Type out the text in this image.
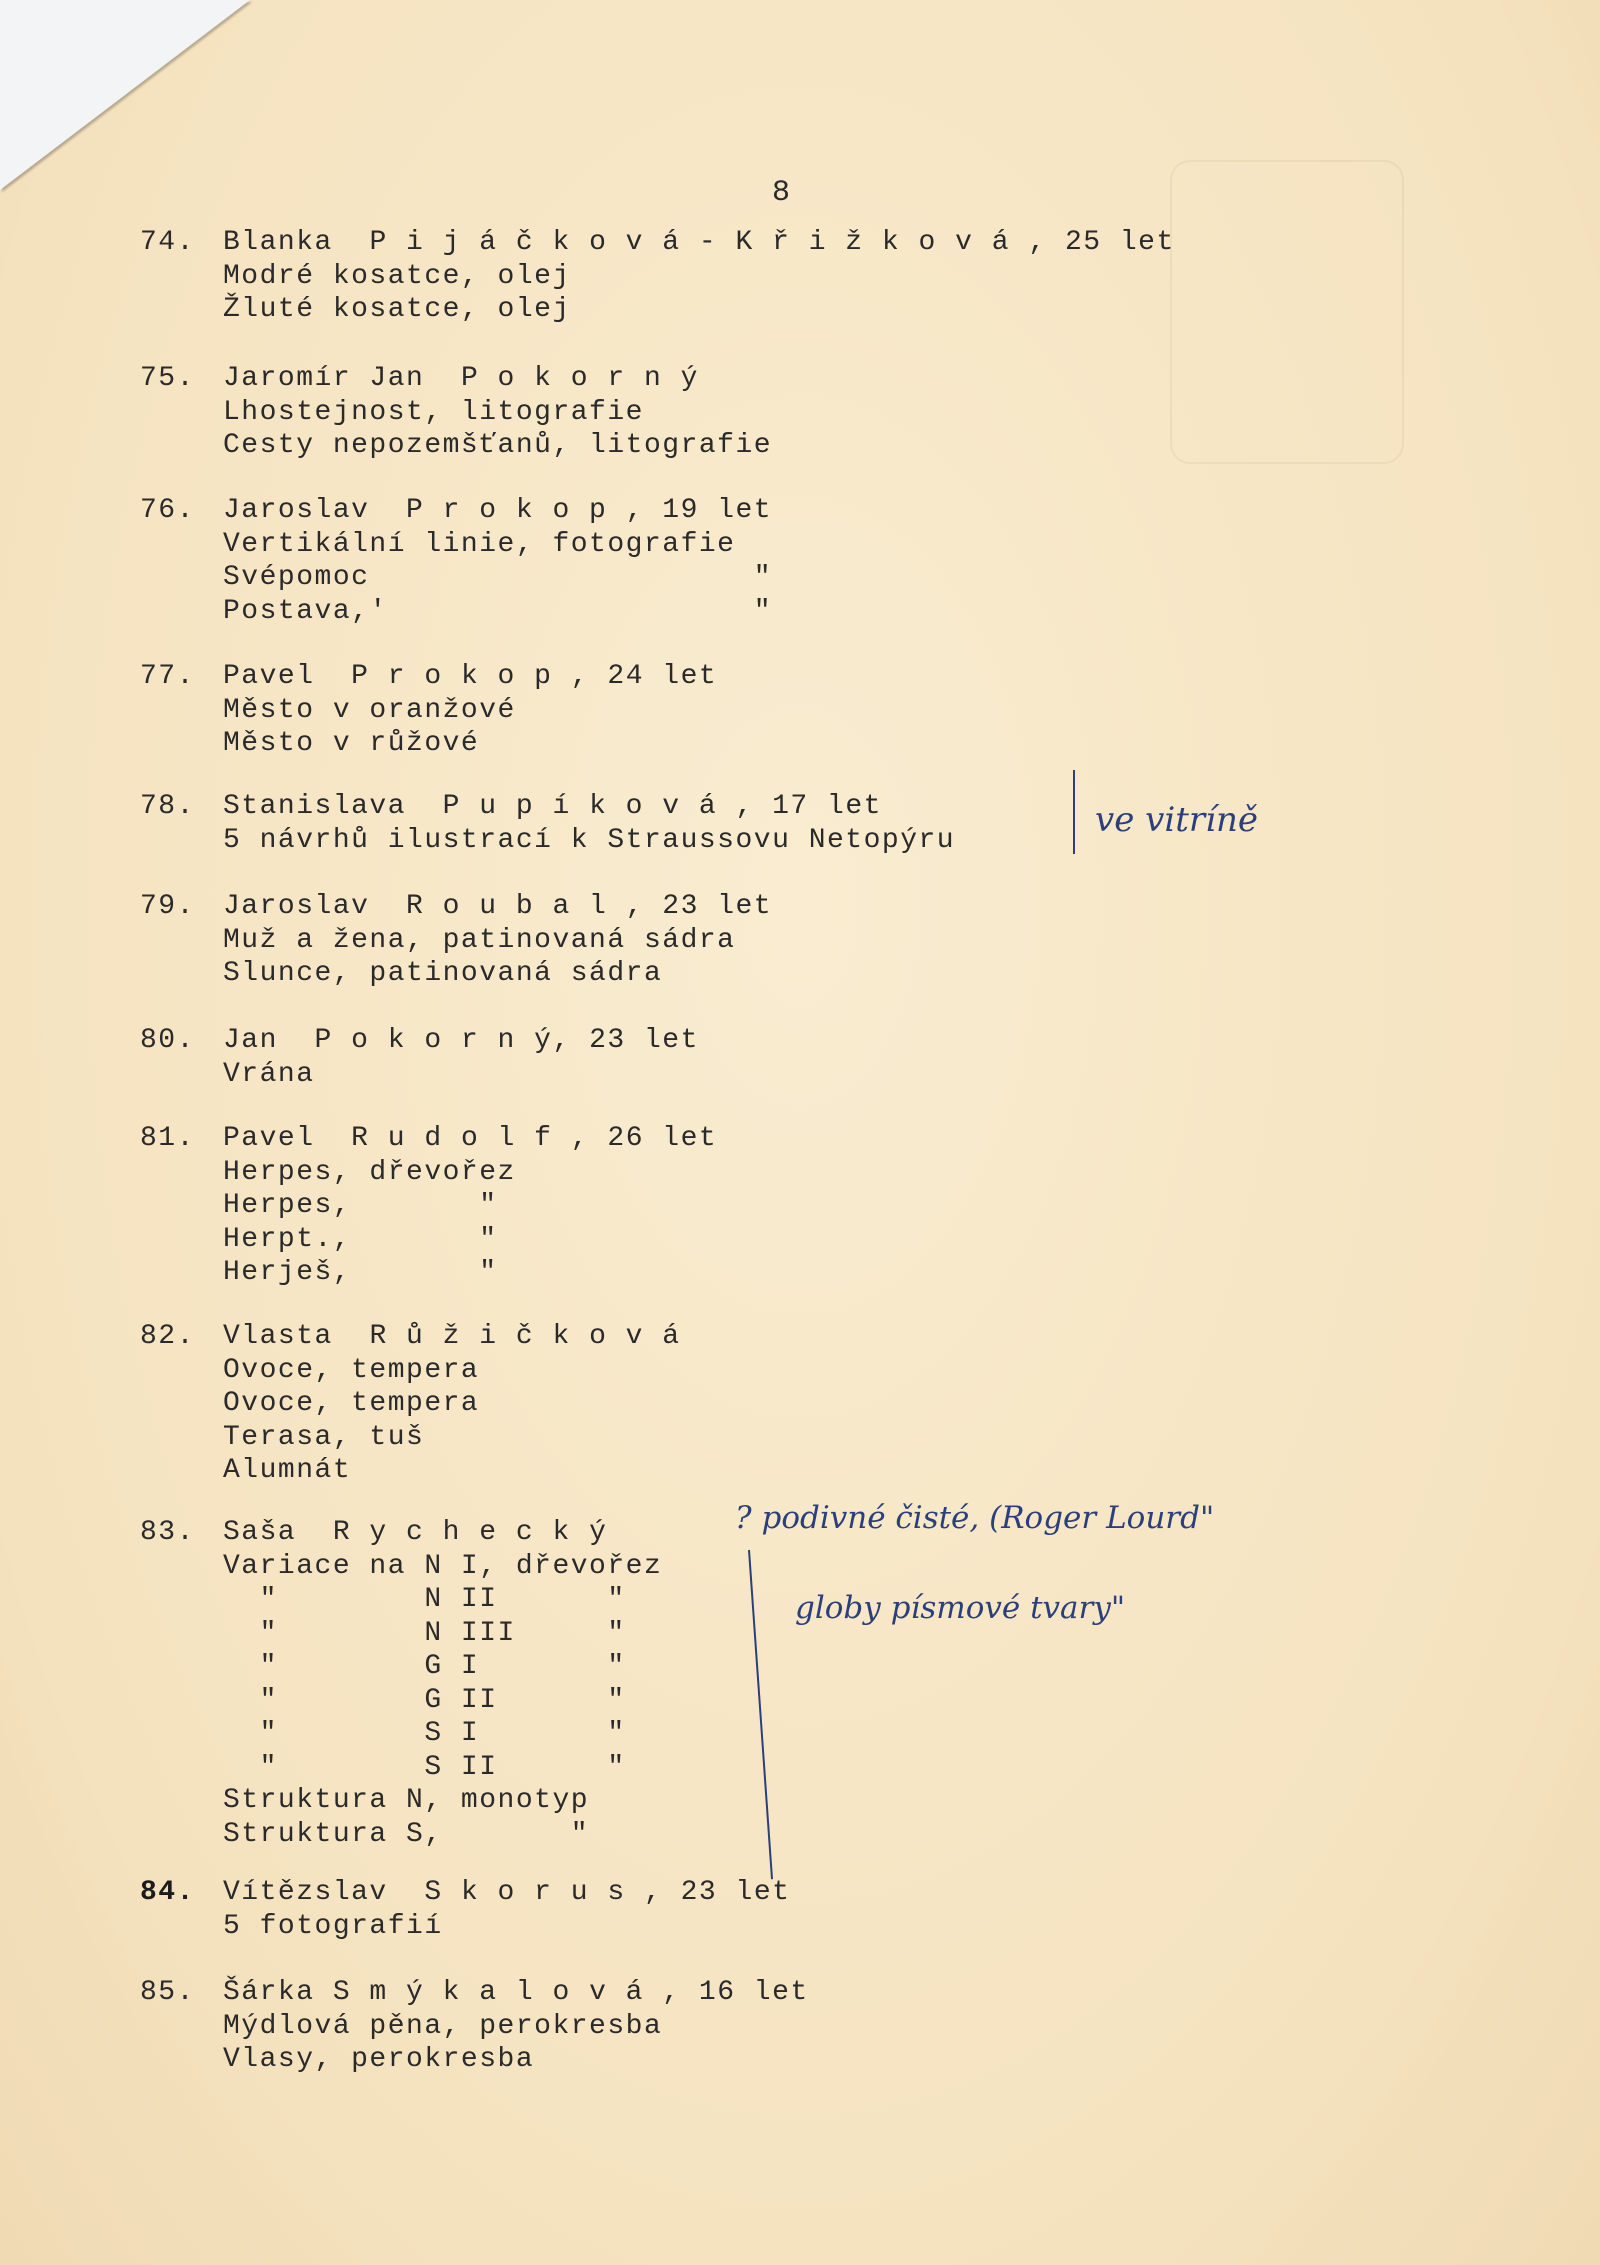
8
74.	Blanka P i j á č k o v á - K ř i ž k o v á , 25 let
Modré kosatce, olej
Žluté kosatce, olej
75.	Jaromír Jan P o k o r n ý
Lhostejnost, litografie
Cesty nepozemšťanů, litografie
76.	Jaroslav P r o k o p , 19 let
Vertikální linie, fotografie
Svépomoc                     "
Postava,'                    "
77.	Pavel P r o k o p , 24 let
Město v oranžové
Město v růžové
78.	Stanislava P u p í k o v á , 17 let
5 návrhů ilustrací k Straussovu Netopýru
79.	Jaroslav R o u b a l , 23 let
Muž a žena, patinovaná sádra
Slunce, patinovaná sádra
80.	Jan P o k o r n ý, 23 let
Vrána
81.	Pavel R u d o l f , 26 let
Herpes, dřevořez
Herpes,       "
Herpt.,       "
Herješ,       "
82.	Vlasta R ů ž i č k o v á
Ovoce, tempera
Ovoce, tempera
Terasa, tuš
Alumnát
83.	Saša R y c h e c k ý
Variace na N I, dřevořez
"        N II      "
"        N III     "
"        G I       "
"        G II      "
"        S I       "
"        S II      "
Struktura N, monotyp
Struktura S,       "
84.	Vítězslav S k o r u s , 23 let
5 fotografií
85.	Šárka S m ý k a l o v á , 16 let
Mýdlová pěna, perokresba
Vlasy, perokresba
ve vitríně
? podivné čisté, (Roger Lourd"
globy písmové tvary"
